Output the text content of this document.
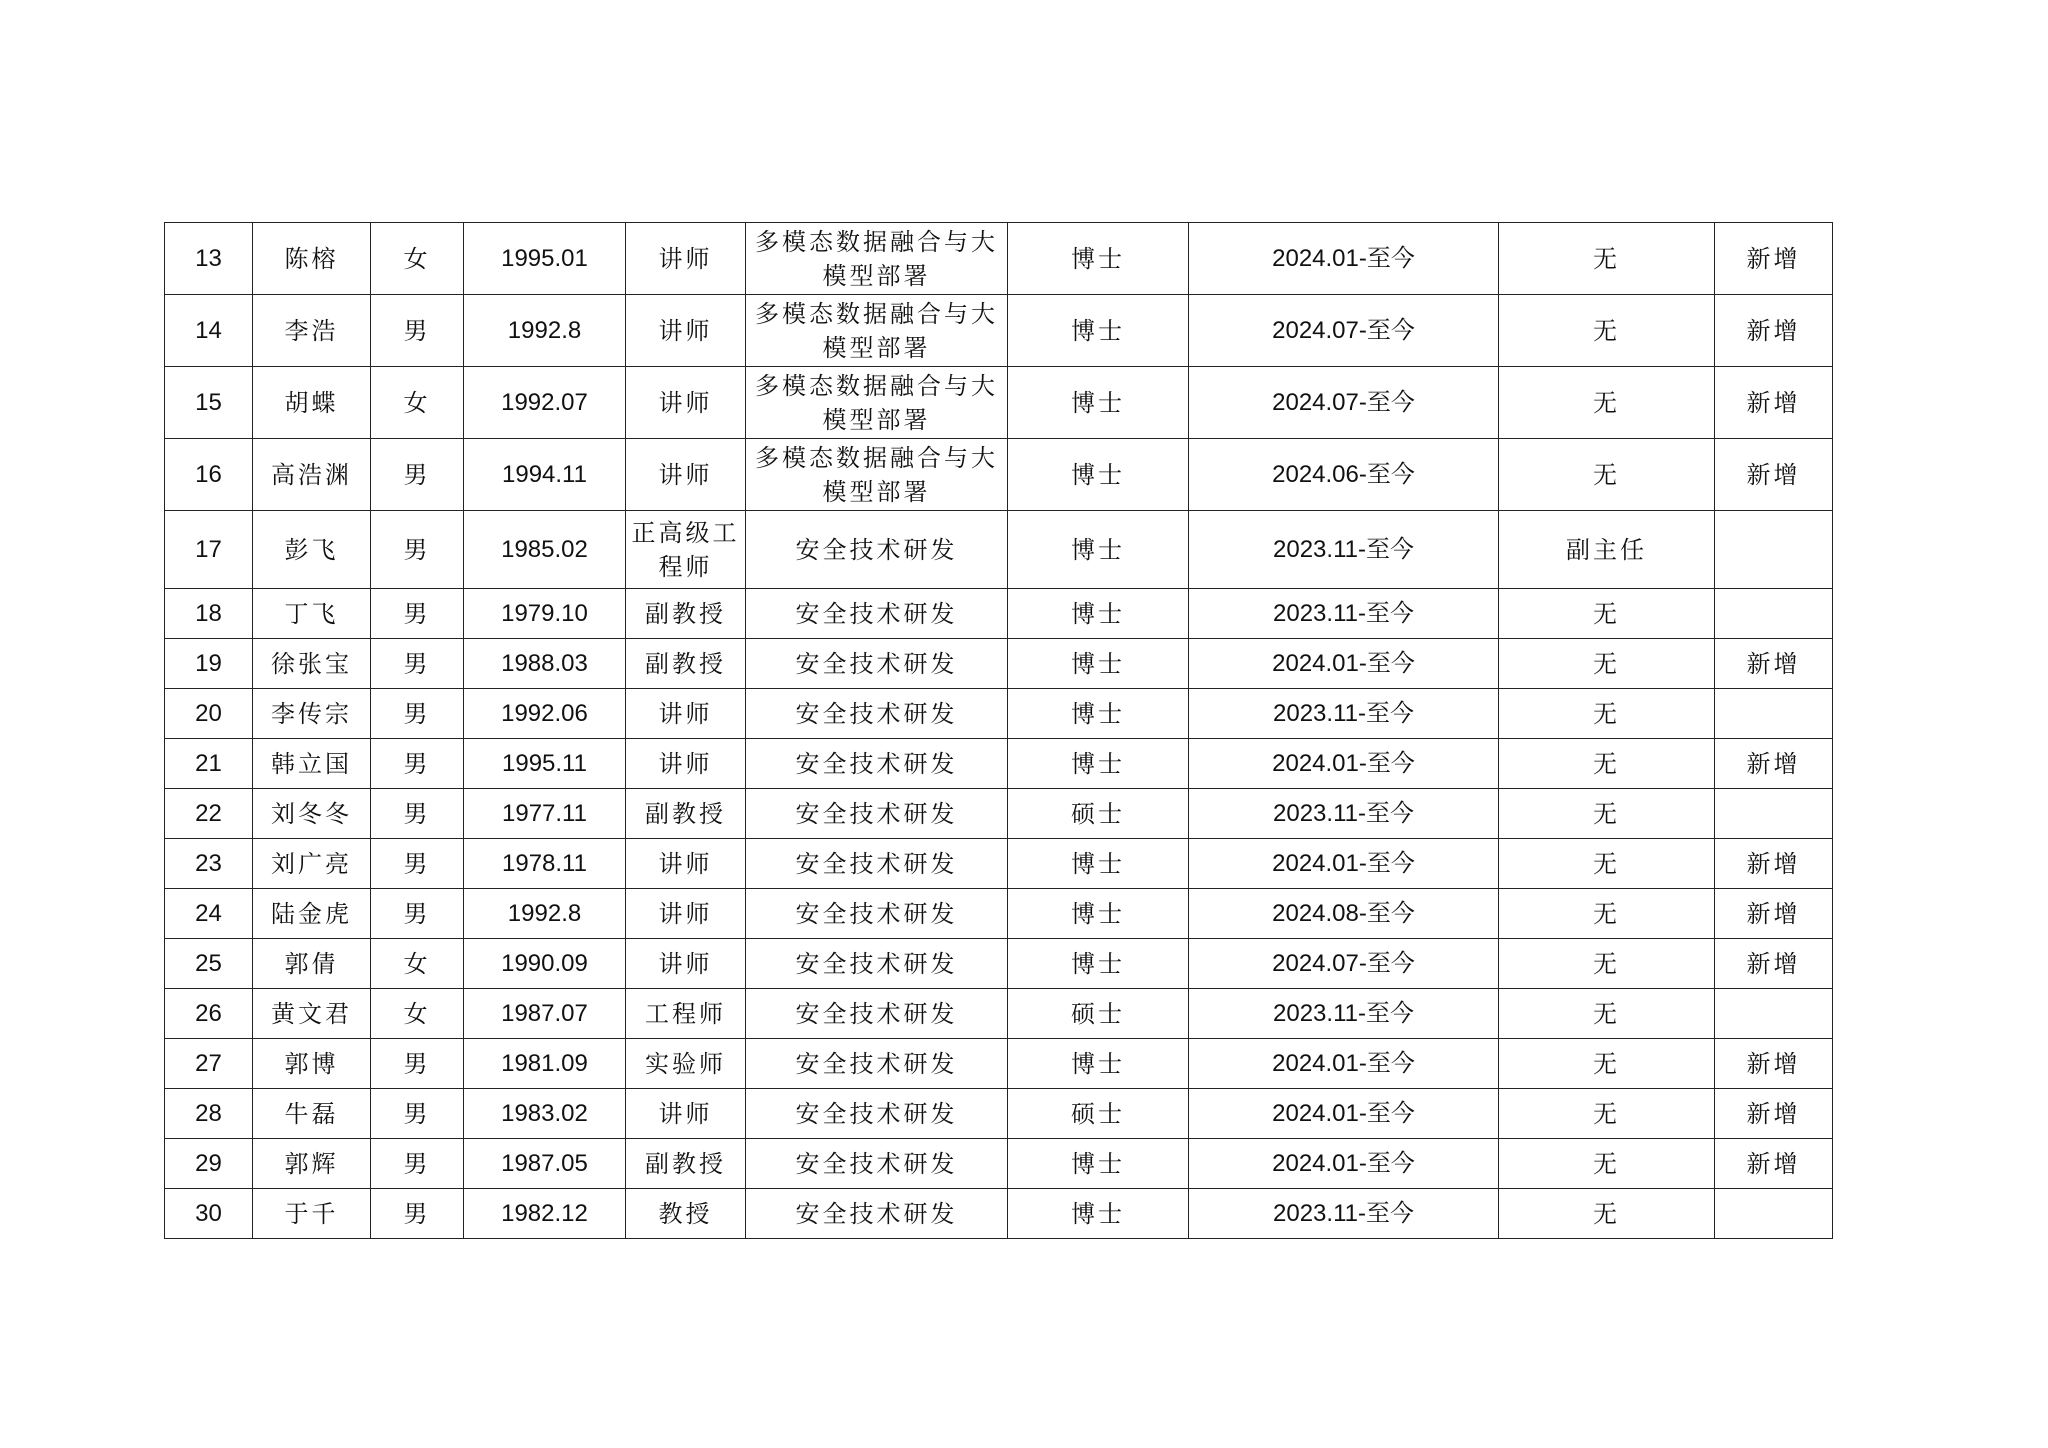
13	陈榕	女	1995.01	讲师	多模态数据融合与大模型部署	博士	2024.01-至今	无	新增
14	李浩	男	1992.8	讲师	多模态数据融合与大模型部署	博士	2024.07-至今	无	新增
15	胡蝶	女	1992.07	讲师	多模态数据融合与大模型部署	博士	2024.07-至今	无	新增
16	高浩渊	男	1994.11	讲师	多模态数据融合与大模型部署	博士	2024.06-至今	无	新增
17	彭飞	男	1985.02	正高级工程师	安全技术研发	博士	2023.11-至今	副主任	
18	丁飞	男	1979.10	副教授	安全技术研发	博士	2023.11-至今	无	
19	徐张宝	男	1988.03	副教授	安全技术研发	博士	2024.01-至今	无	新增
20	李传宗	男	1992.06	讲师	安全技术研发	博士	2023.11-至今	无	
21	韩立国	男	1995.11	讲师	安全技术研发	博士	2024.01-至今	无	新增
22	刘冬冬	男	1977.11	副教授	安全技术研发	硕士	2023.11-至今	无	
23	刘广亮	男	1978.11	讲师	安全技术研发	博士	2024.01-至今	无	新增
24	陆金虎	男	1992.8	讲师	安全技术研发	博士	2024.08-至今	无	新增
25	郭倩	女	1990.09	讲师	安全技术研发	博士	2024.07-至今	无	新增
26	黄文君	女	1987.07	工程师	安全技术研发	硕士	2023.11-至今	无	
27	郭博	男	1981.09	实验师	安全技术研发	博士	2024.01-至今	无	新增
28	牛磊	男	1983.02	讲师	安全技术研发	硕士	2024.01-至今	无	新增
29	郭辉	男	1987.05	副教授	安全技术研发	博士	2024.01-至今	无	新增
30	于千	男	1982.12	教授	安全技术研发	博士	2023.11-至今	无	
